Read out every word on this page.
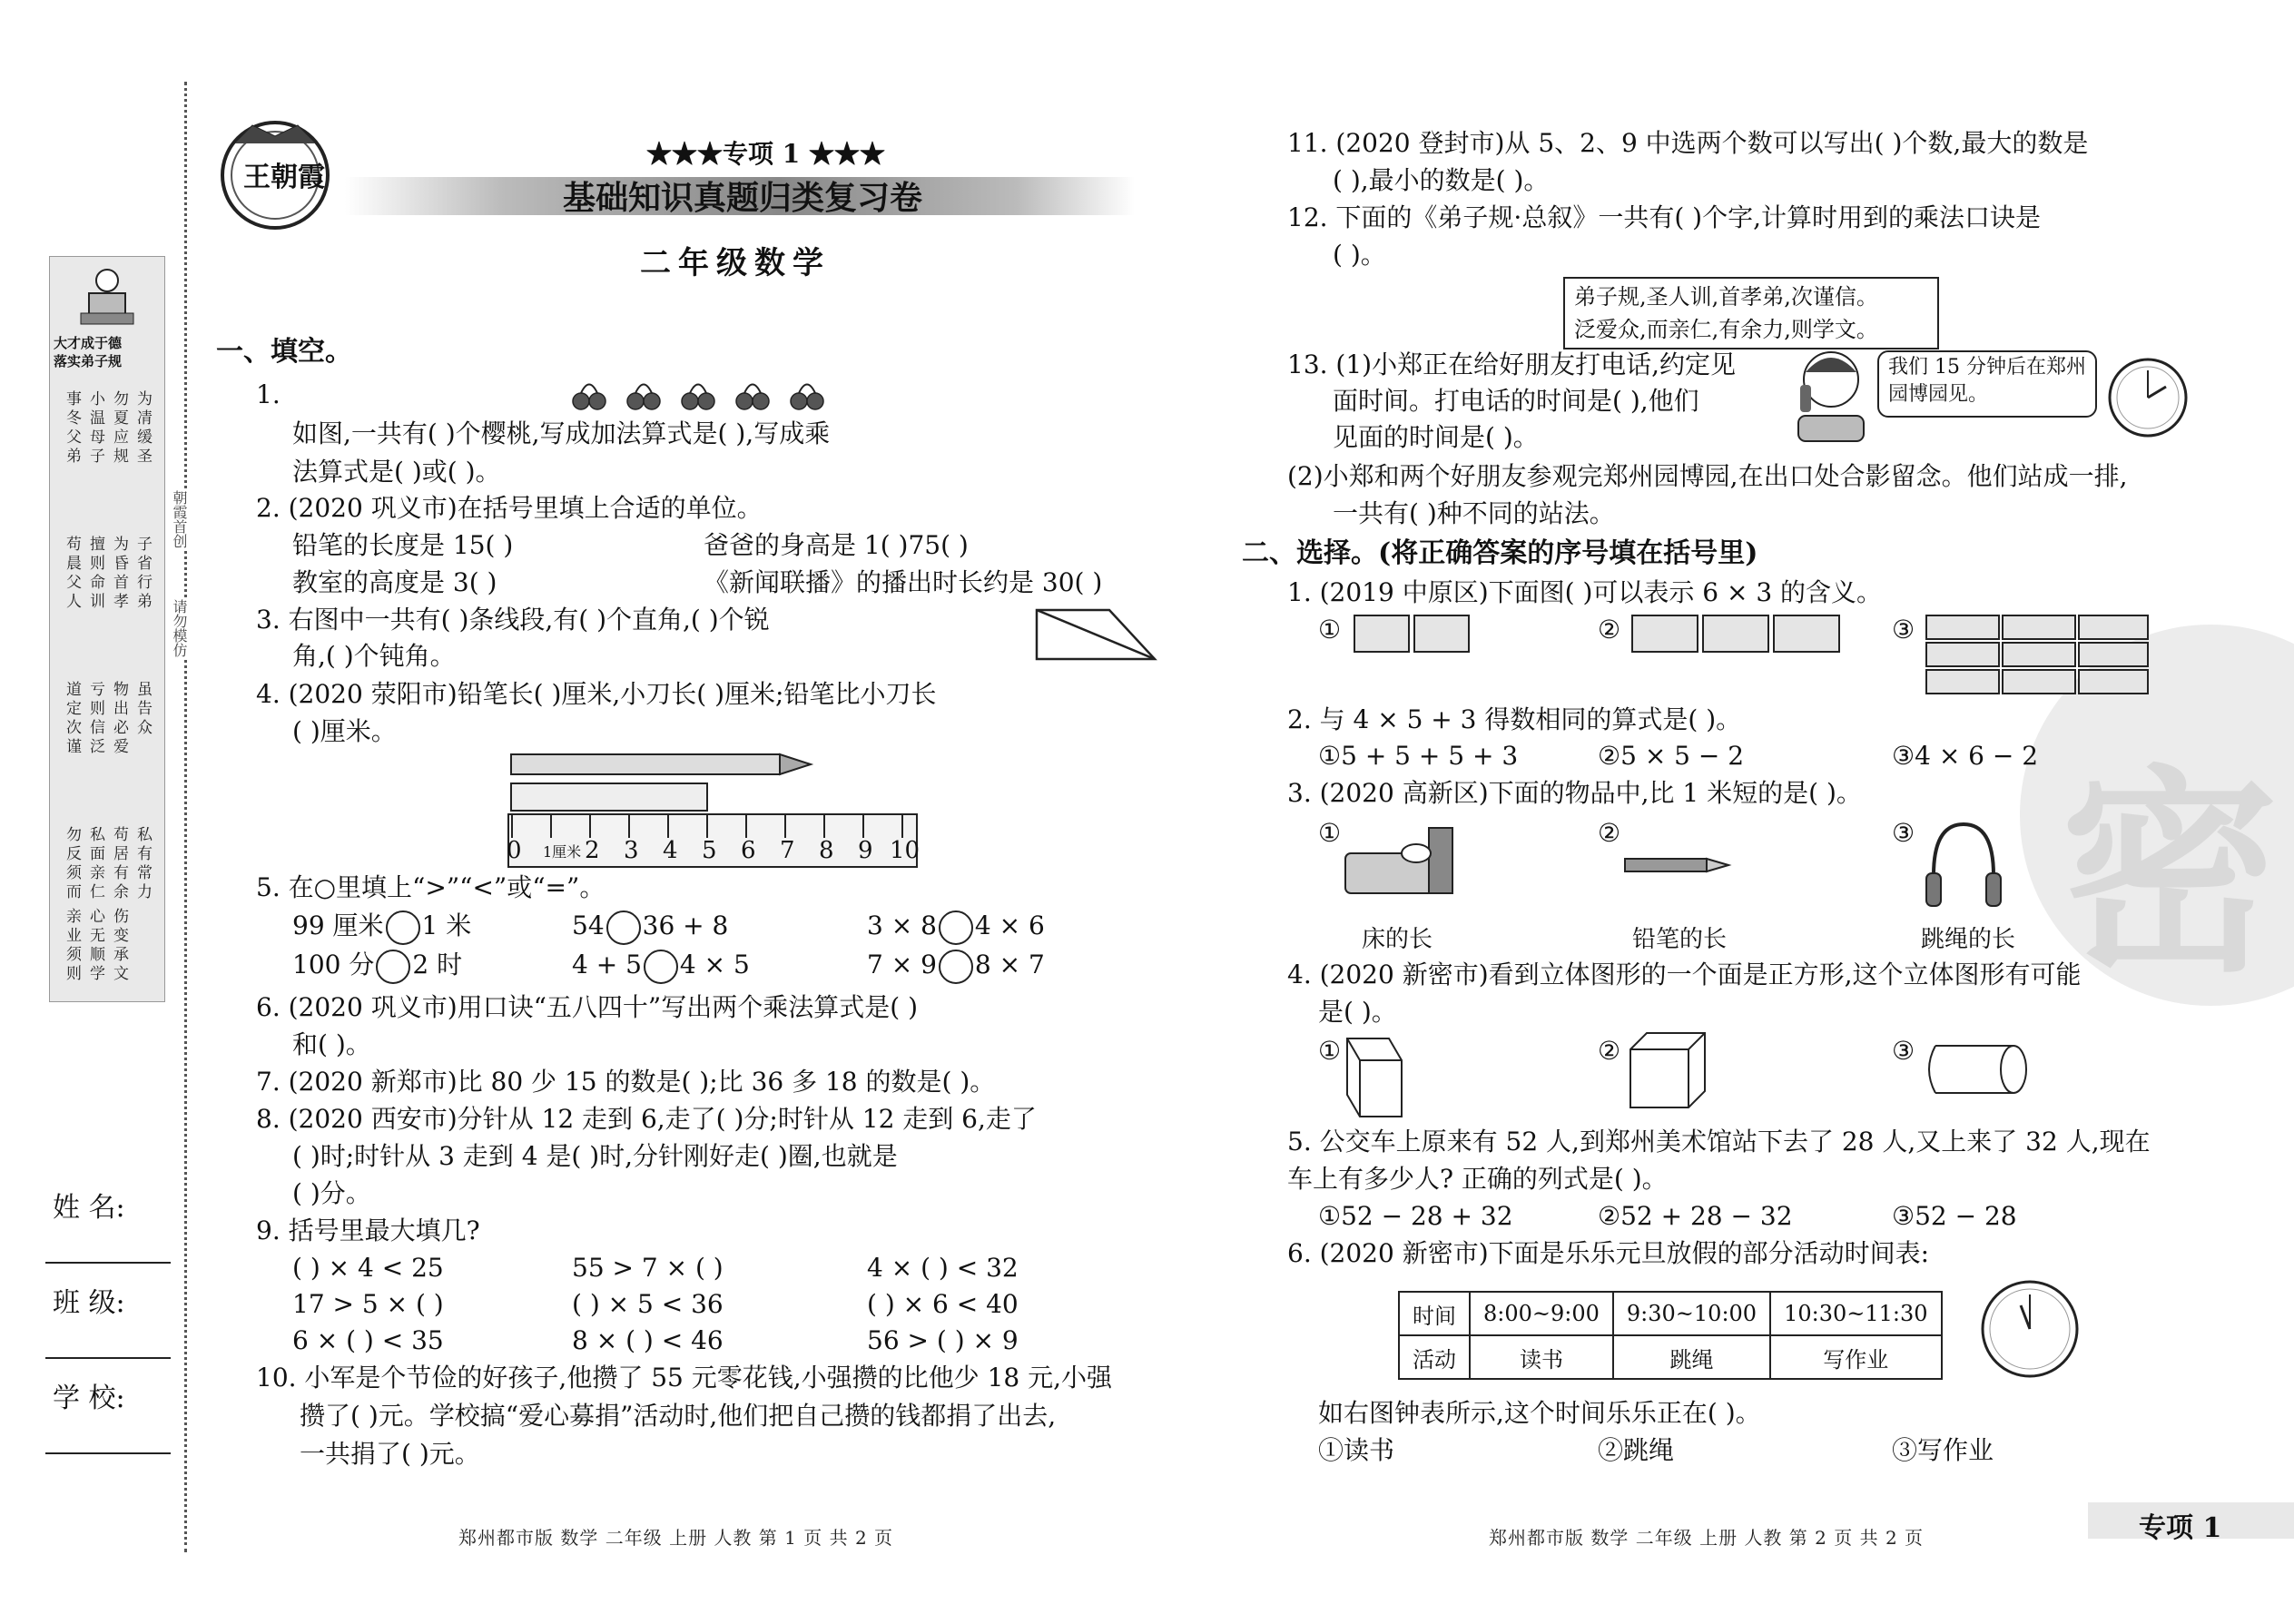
大才成于德
落实弟子规
事冬父弟 小温母子 勿夏应规 为凊缓圣
苟晨父人 擅则命训 为昏首孝 子省行弟
道定次谨 亏则信泛 物出必爱 虽告众
勿反须而 私面亲仁 苟居有余 私有常力
亲业须则 心无顺学 伤变承文
朝霞首创
请勿模仿
姓 名:
班 级:
学 校:
王朝霞
★★★专项 1 ★★★
基础知识真题归类复习卷
二年级数学
一、填空。
1.
如图,一共有( )个樱桃,写成加法算式是( ),写成乘
法算式是( )或( )。
2. (2020 巩义市)在括号里填上合适的单位。
铅笔的长度是 15( )	爸爸的身高是 1( )75( )
教室的高度是 3( )	《新闻联播》的播出时长约是 30( )
3. 右图中一共有( )条线段,有( )个直角,( )个锐
角,( )个钝角。
4. (2020 荥阳市)铅笔长( )厘米,小刀长( )厘米;铅笔比小刀长
( )厘米。
0 1厘米 2 3 4 5 6 7 8 9 10
5. 在○里填上“>”“<”或“=”。
99 厘米 1 米	54 36 + 8	3 × 8 4 × 6
100 分 2 时	4 + 5 4 × 5	7 × 9 8 × 7
6. (2020 巩义市)用口诀“五八四十”写出两个乘法算式是( )
和( )。
7. (2020 新郑市)比 80 少 15 的数是( );比 36 多 18 的数是( )。
8. (2020 西安市)分针从 12 走到 6,走了( )分;时针从 12 走到 6,走了
( )时;时针从 3 走到 4 是( )时,分针刚好走( )圈,也就是
( )分。
9. 括号里最大填几?
( ) × 4 < 25	55 > 7 × ( )	4 × ( ) < 32
17 > 5 × ( )	( ) × 5 < 36	( ) × 6 < 40
6 × ( ) < 35	8 × ( ) < 46	56 > ( ) × 9
10. 小军是个节俭的好孩子,他攒了 55 元零花钱,小强攒的比他少 18 元,小强
攒了( )元。学校搞“爱心募捐”活动时,他们把自己攒的钱都捐了出去,
一共捐了( )元。
郑州都市版 数学 二年级 上册 人教 第 1 页 共 2 页
密
11. (2020 登封市)从 5、2、9 中选两个数可以写出( )个数,最大的数是
( ),最小的数是( )。
12. 下面的《弟子规·总叙》一共有( )个字,计算时用到的乘法口诀是
( )。
弟子规,圣人训,首孝弟,次谨信。
泛爱众,而亲仁,有余力,则学文。
13. (1)小郑正在给好朋友打电话,约定见
面时间。打电话的时间是( ),他们
见面的时间是( )。
我们 15 分钟后在郑州园博园见。
(2)小郑和两个好朋友参观完郑州园博园,在出口处合影留念。他们站成一排,
一共有( )种不同的站法。
二、选择。(将正确答案的序号填在括号里)
1. (2019 中原区)下面图( )可以表示 6 × 3 的含义。
①	②	③
2. 与 4 × 5 + 3 得数相同的算式是( )。
①5 + 5 + 5 + 3	②5 × 5 − 2	③4 × 6 − 2
3. (2020 高新区)下面的物品中,比 1 米短的是( )。
①
床的长
②
铅笔的长
③
跳绳的长
4. (2020 新密市)看到立体图形的一个面是正方形,这个立体图形有可能
是( )。
①	②	③
5. 公交车上原来有 52 人,到郑州美术馆站下去了 28 人,又上来了 32 人,现在
车上有多少人? 正确的列式是( )。
①52 − 28 + 32	②52 + 28 − 32	③52 − 28
6. (2020 新密市)下面是乐乐元旦放假的部分活动时间表:
时间	8:00~9:00	9:30~10:00	10:30~11:30
活动	读书	跳绳	写作业
如右图钟表所示,这个时间乐乐正在( )。
①读书	②跳绳	③写作业
郑州都市版 数学 二年级 上册 人教 第 2 页 共 2 页	专项 1
